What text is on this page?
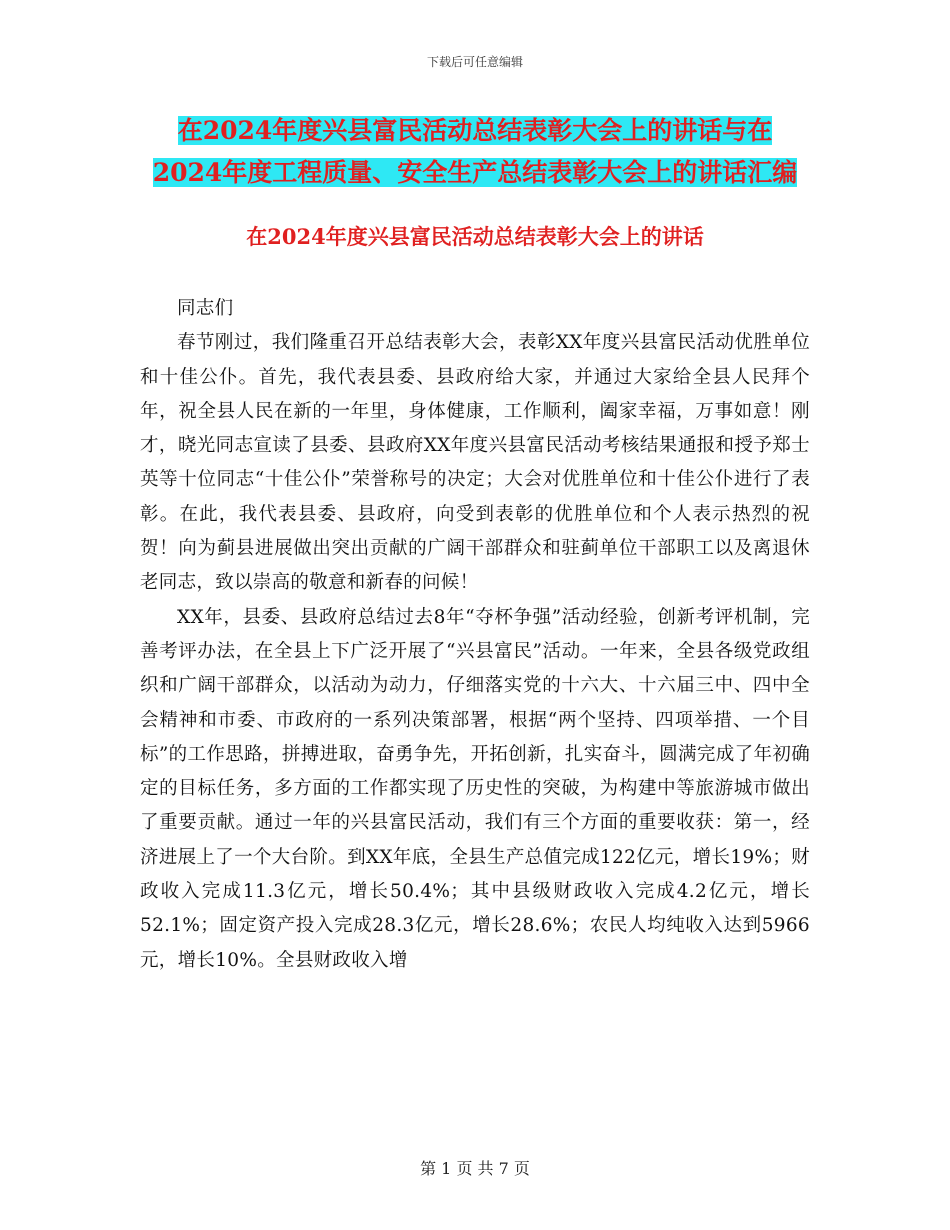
下载后可任意编辑
在2024年度兴县富民活动总结表彰大会上的讲话与在
2024年度工程质量、安全生产总结表彰大会上的讲话汇编
在2024年度兴县富民活动总结表彰大会上的讲话

同志们

春节刚过，我们隆重召开总结表彰大会，表彰XX年度兴县富民活动优胜单位和十佳公仆。首先，我代表县委、县政府给大家，并通过大家给全县人民拜个年，祝全县人民在新的一年里，身体健康，工作顺利，阖家幸福，万事如意！刚才，晓光同志宣读了县委、县政府XX年度兴县富民活动考核结果通报和授予郑士英等十位同志“十佳公仆”荣誉称号的决定；大会对优胜单位和十佳公仆进行了表彰。在此，我代表县委、县政府，向受到表彰的优胜单位和个人表示热烈的祝贺！向为蓟县进展做出突出贡献的广阔干部群众和驻蓟单位干部职工以及离退休老同志，致以崇高的敬意和新春的问候！

XX年，县委、县政府总结过去8年“夺杯争强”活动经验，创新考评机制，完善考评办法，在全县上下广泛开展了“兴县富民”活动。一年来，全县各级党政组织和广阔干部群众，以活动为动力，仔细落实党的十六大、十六届三中、四中全会精神和市委、市政府的一系列决策部署，根据“两个坚持、四项举措、一个目标”的工作思路，拼搏进取，奋勇争先，开拓创新，扎实奋斗，圆满完成了年初确定的目标任务，多方面的工作都实现了历史性的突破，为构建中等旅游城市做出了重要贡献。通过一年的兴县富民活动，我们有三个方面的重要收获：第一，经济进展上了一个大台阶。到XX年底，全县生产总值完成122亿元，增长19%；财政收入完成11.3亿元，增长50.4%；其中县级财政收入完成4.2亿元，增长52.1%；固定资产投入完成28.3亿元，增长28.6%；农民人均纯收入达到5966元，增长10%。全县财政收入增

第 1 页 共 7 页
